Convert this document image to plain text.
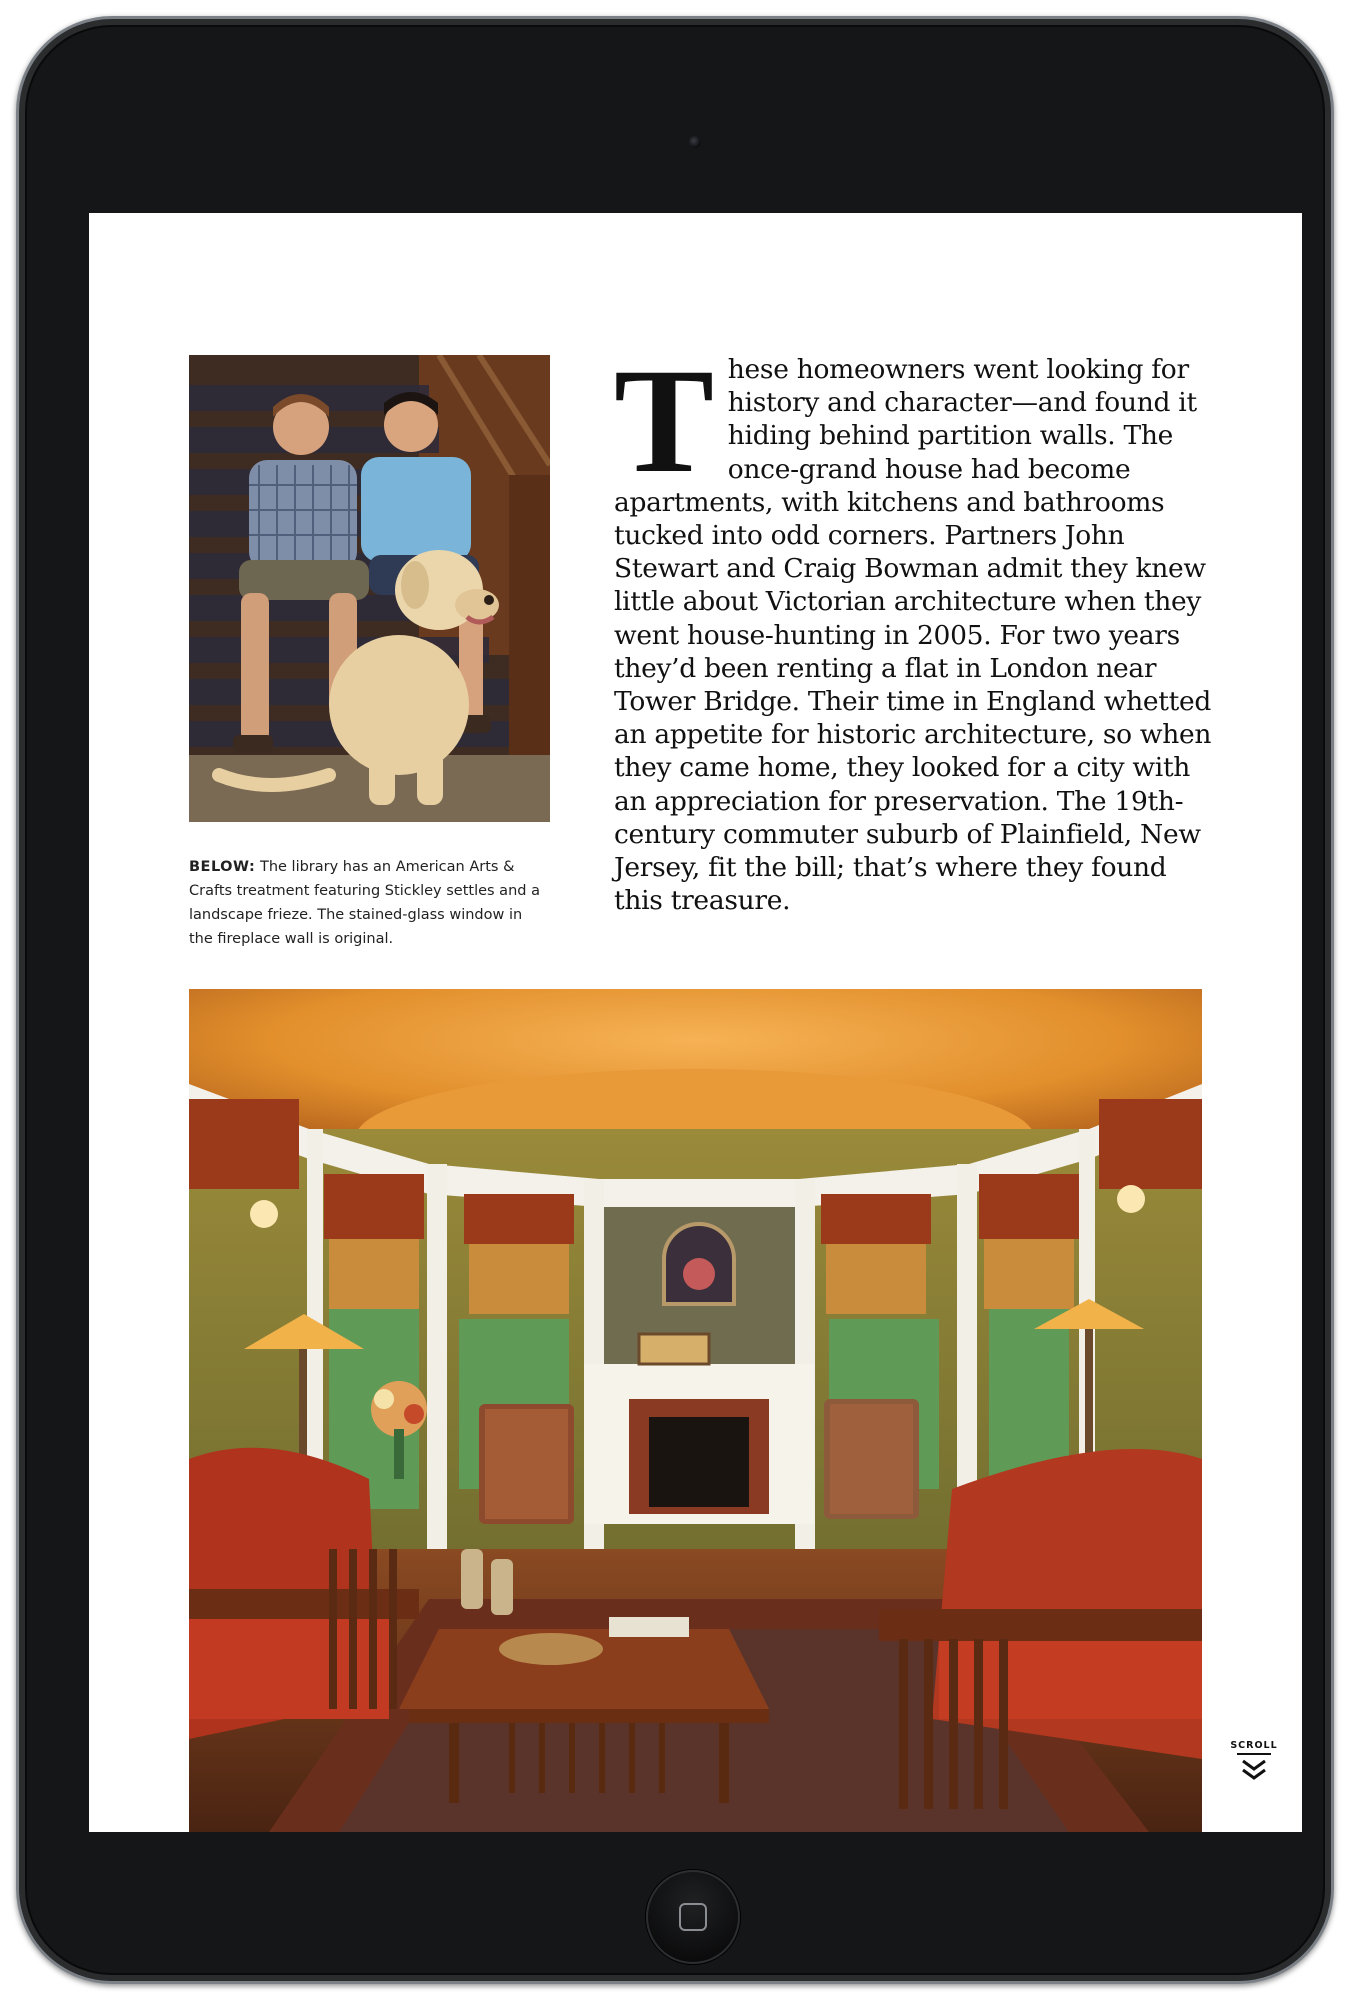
BELOW: The library has an American Arts & Crafts treatment featuring Stickley settles and a landscape frieze. The stained-glass window in the fireplace wall is original.
T hese homeowners went looking for history and character—and found it hiding behind partition walls. The once-grand house had become apartments, with kitchens and bathrooms tucked into odd corners. Partners John Stewart and Craig Bowman admit they knew little about Victorian architecture when they went house-hunting in 2005. For two years they’d been renting a flat in London near Tower Bridge. Their time in England whetted an appetite for historic architecture, so when they came home, they looked for a city with an appreciation for preservation. The 19th-century commuter suburb of Plainfield, New Jersey, fit the bill; that’s where they found this treasure.

SCROLL
